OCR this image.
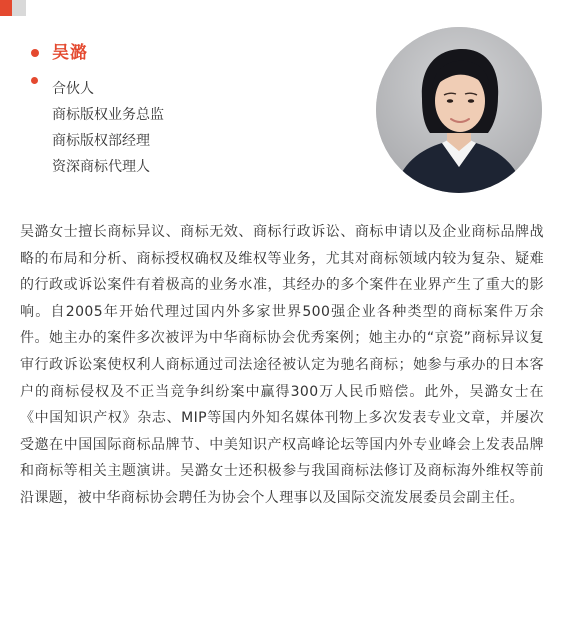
吴潞
合伙人
商标版权业务总监
商标版权部经理
资深商标代理人
吴潞女士擅长商标异议、商标无效、商标行政诉讼、商标申请以及企业商标品牌战略的布局和分析、商标授权确权及维权等业务，尤其对商标领域内较为复杂、疑难的行政或诉讼案件有着极高的业务水准，其经办的多个案件在业界产生了重大的影响。自2005年开始代理过国内外多家世界500强企业各种类型的商标案件万余件。她主办的案件多次被评为中华商标协会优秀案例；她主办的“京瓷”商标异议复审行政诉讼案使权利人商标通过司法途径被认定为驰名商标；她参与承办的日本客户的商标侵权及不正当竞争纠纷案中赢得300万人民币赔偿。此外，吴潞女士在《中国知识产权》杂志、MIP等国内外知名媒体刊物上多次发表专业文章，并屡次受邀在中国国际商标品牌节、中美知识产权高峰论坛等国内外专业峰会上发表品牌和商标等相关主题演讲。吴潞女士还积极参与我国商标法修订及商标海外维权等前沿课题，被中华商标协会聘任为协会个人理事以及国际交流发展委员会副主任。
